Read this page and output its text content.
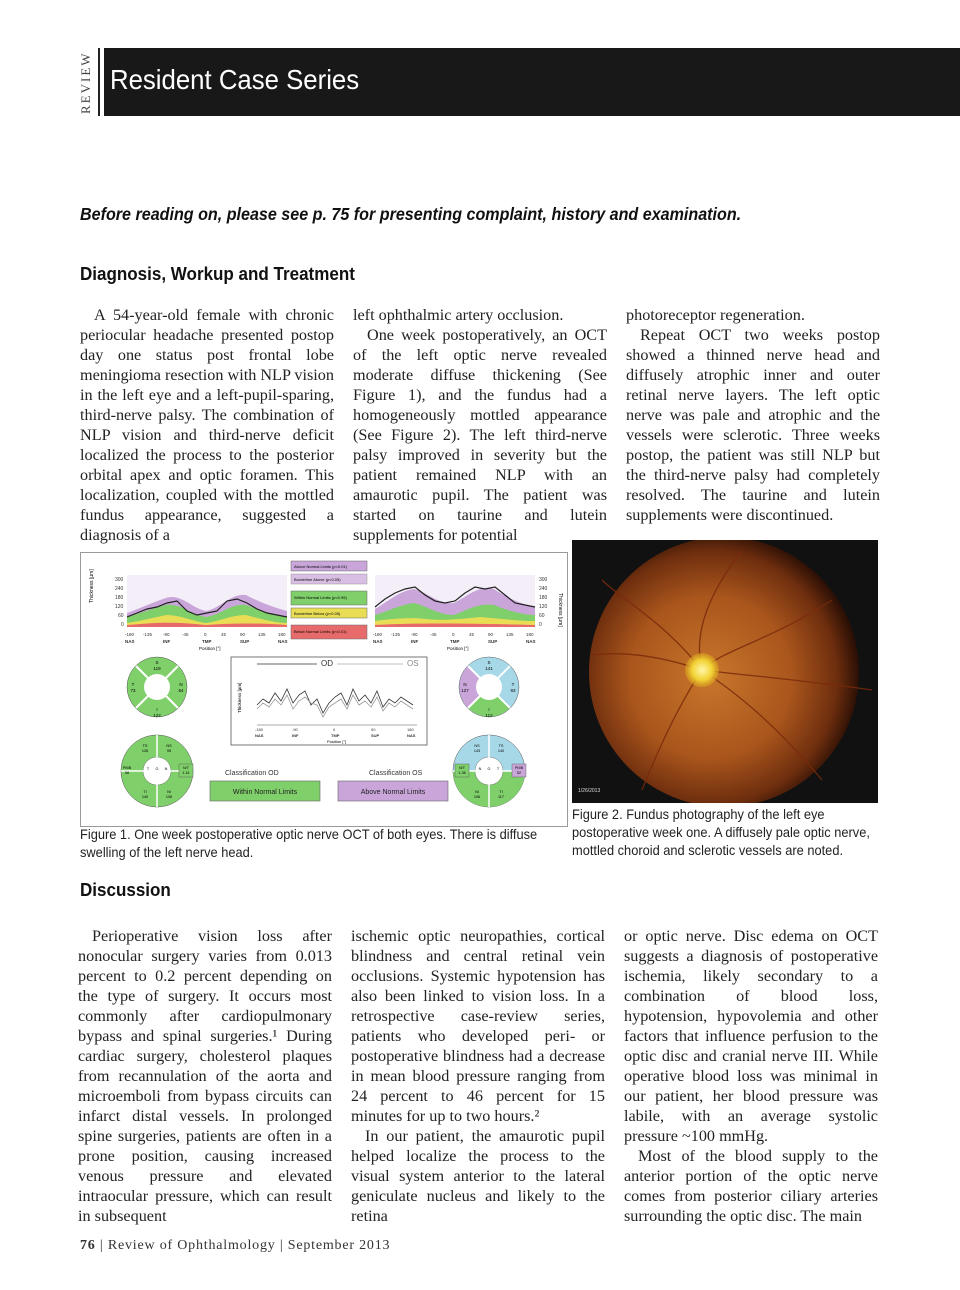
REVIEW Resident Case Series
Before reading on, please see p. 75 for presenting complaint, history and examination.
Diagnosis, Workup and Treatment

A 54-year-old female with chronic periocular headache presented postop day one status post frontal lobe meningioma resection with NLP vision in the left eye and a left-pupil-sparing, third-nerve palsy. The combination of NLP vision and third-nerve deficit localized the process to the posterior orbital apex and optic foramen. This localization, coupled with the mottled fundus appearance, suggested a diagnosis of a

left ophthalmic artery occlusion.

One week postoperatively, an OCT of the left optic nerve revealed moderate diffuse thickening (See Figure 1), and the fundus had a homogeneously mottled appearance (See Figure 2). The left third-nerve palsy improved in severity but the patient remained NLP with an amaurotic pupil. The patient was started on taurine and lutein supplements for potential

photoreceptor regeneration.

Repeat OCT two weeks postop showed a thinned nerve head and diffusely atrophic inner and outer retinal nerve layers. The left optic nerve was pale and atrophic and the vessels were sclerotic. Three weeks postop, the patient was still NLP but the third-nerve palsy had completely resolved. The taurine and lutein supplements were discontinued.

Thickness [µm]	300
240
180
120
60
0
-180 -135 -90	-45	0	45	90	135	180
NAS	INF	TMP	SUP	NAS
Position [°]
Above Normal Limits (p<0.01)
Borderline Above (p<0.05)
Within Normal Limits (p<0.95)
Borderline Below (p<0.05)
Below Normal Limits (p<0.01)
300
240
180
120
60
0	Thickness [µm]
-180 -135 -90	-45	0	45	90	135	180
NAS	INF	TMP	SUP	NAS
Position [°]
OD	OS
Thickness [µm]
-180	-90	0	90	180
NAS	INF	TMP	SUP	NAS
Position [°]
S
119
N
64
I
122
T
73
S
141
N
127
I
112
T
93
TS
128
NS
95
PMB
58
T G N	N/T
1.41
TI
140
NI
106
NS
143
TS
140
N/T
1.36
N G T	PMB
52
NI
106
TI
117
Classification OD
Within Normal Limits
Classification OS
Above Normal Limits	1/26/2013
Figure 1. One week postoperative optic nerve OCT of both eyes. There is diffuse swelling of the left nerve head.
Figure 2. Fundus photography of the left eye postoperative week one. A diffusely pale optic nerve, mottled choroid and sclerotic vessels are noted.
Discussion

Perioperative vision loss after nonocular surgery varies from 0.013 percent to 0.2 percent depending on the type of surgery. It occurs most commonly after cardiopulmonary bypass and spinal surgeries.¹ During cardiac surgery, cholesterol plaques from recannulation of the aorta and microemboli from bypass circuits can infarct distal vessels. In prolonged spine surgeries, patients are often in a prone position, causing increased venous pressure and elevated intraocular pressure, which can result in subsequent

ischemic optic neuropathies, cortical blindness and central retinal vein occlusions. Systemic hypotension has also been linked to vision loss. In a retrospective case-review series, patients who developed peri- or postoperative blindness had a decrease in mean blood pressure ranging from 24 percent to 46 percent for 15 minutes for up to two hours.²

In our patient, the amaurotic pupil helped localize the process to the visual system anterior to the lateral geniculate nucleus and likely to the retina

or optic nerve. Disc edema on OCT suggests a diagnosis of postoperative ischemia, likely secondary to a combination of blood loss, hypotension, hypovolemia and other factors that influence perfusion to the optic disc and cranial nerve III. While operative blood loss was minimal in our patient, her blood pressure was labile, with an average systolic pressure ~100 mmHg.

Most of the blood supply to the anterior portion of the optic nerve comes from posterior ciliary arteries surrounding the optic disc. The main

76 | Review of Ophthalmology | September 2013
